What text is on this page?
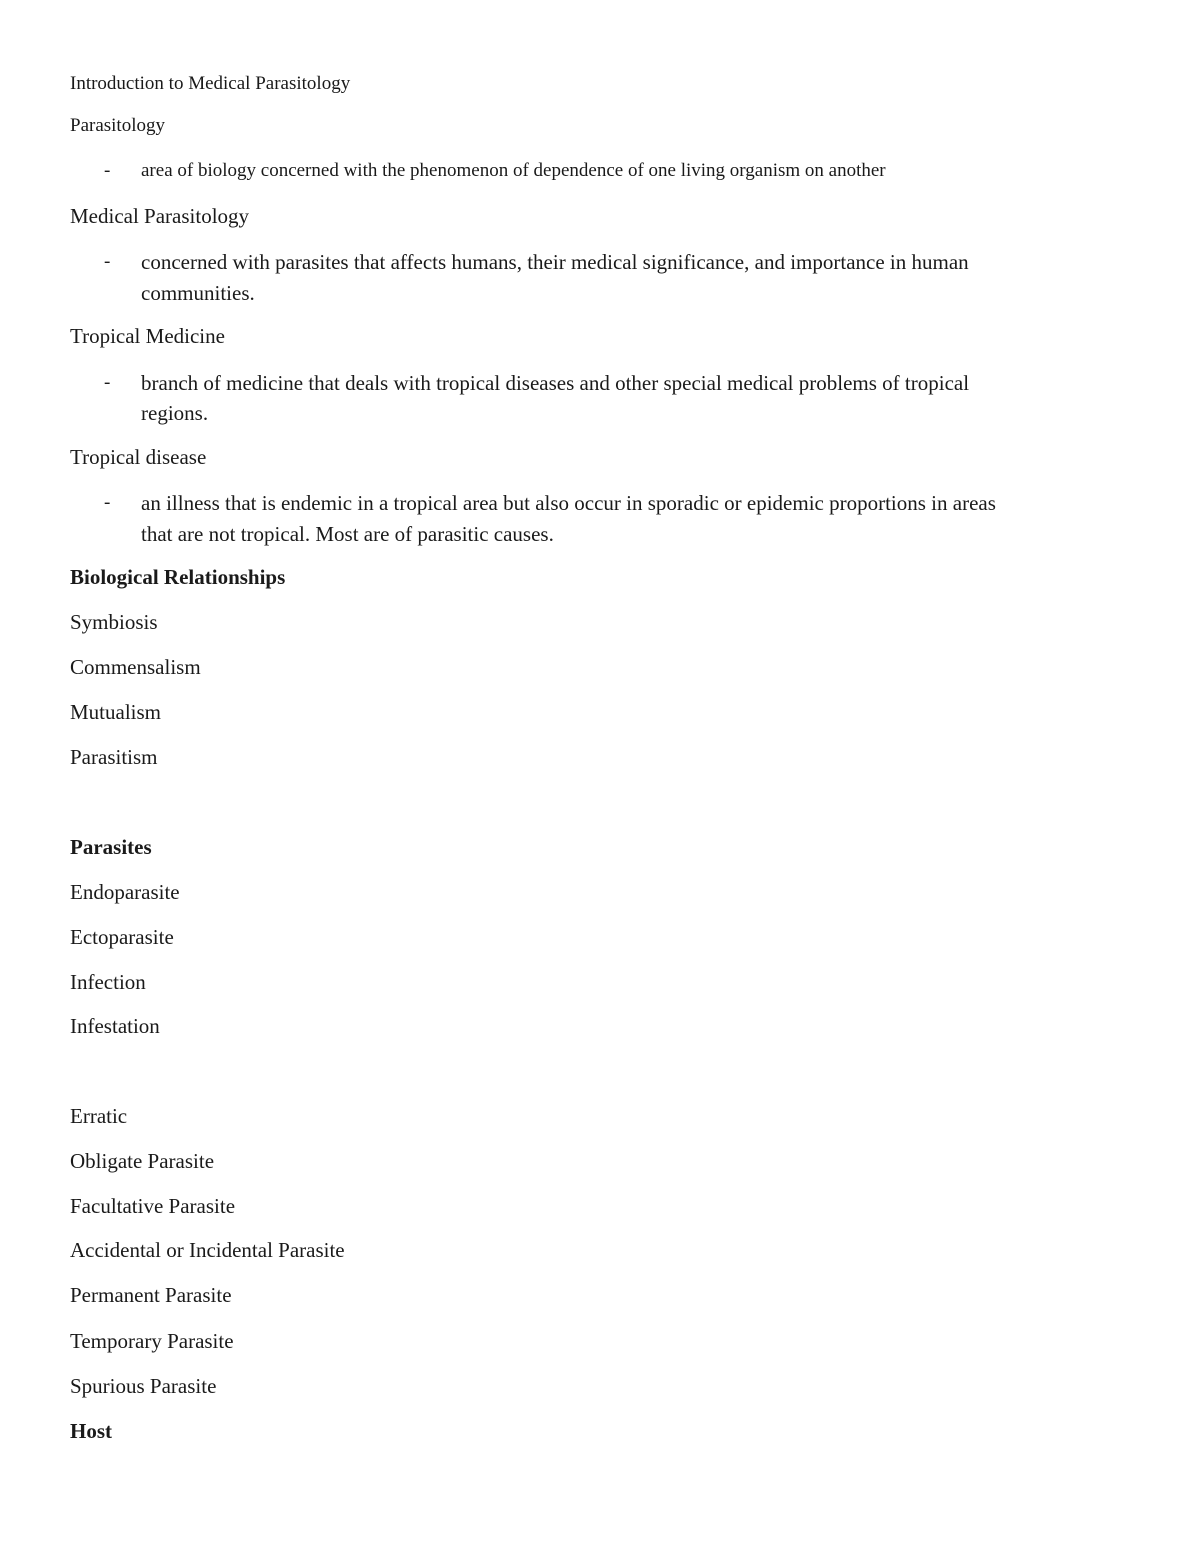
Introduction to Medical Parasitology

Parasitology

- area of biology concerned with the phenomenon of dependence of one living organism on another

Medical Parasitology

- concerned with parasites that affects humans, their medical significance, and importance in human

communities.

Tropical Medicine

- branch of medicine that deals with tropical diseases and other special medical problems of tropical

regions.

Tropical disease

- an illness that is endemic in a tropical area but also occur in sporadic or epidemic proportions in areas

that are not tropical. Most are of parasitic causes.

Biological Relationships

Symbiosis

Commensalism

Mutualism

Parasitism

Parasites

Endoparasite

Ectoparasite

Infection

Infestation

Erratic

Obligate Parasite

Facultative Parasite

Accidental or Incidental Parasite

Permanent Parasite

Temporary Parasite

Spurious Parasite

Host
